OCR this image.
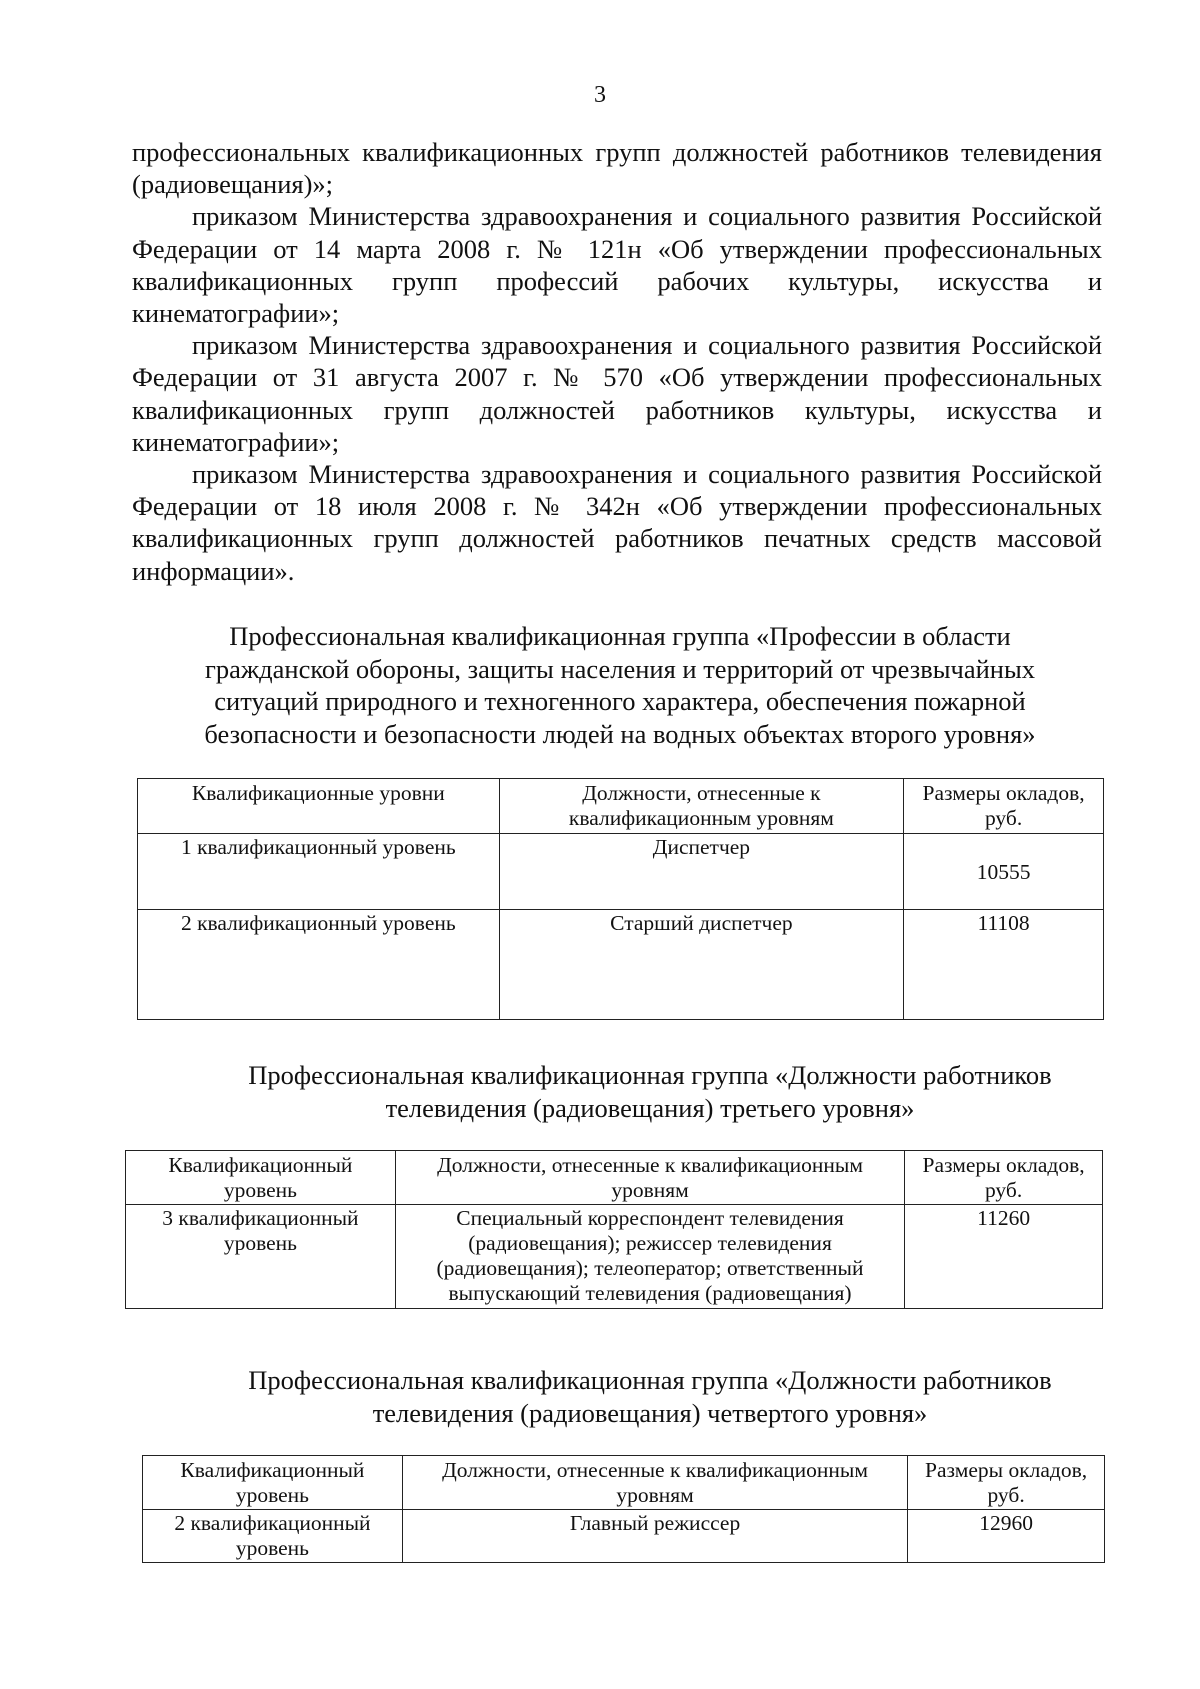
3

профессиональных квалификационных групп должностей работников телевидения (радиовещания)»;

приказом Министерства здравоохранения и социального развития Российской Федерации от 14 марта 2008 г. № 121н «Об утверждении профессиональных квалификационных групп профессий рабочих культуры, искусства и кинематографии»;

приказом Министерства здравоохранения и социального развития Российской Федерации от 31 августа 2007 г. № 570 «Об утверждении профессиональных квалификационных групп должностей работников культуры, искусства и кинематографии»;

приказом Министерства здравоохранения и социального развития Российской Федерации от 18 июля 2008 г. № 342н «Об утверждении профессиональных квалификационных групп должностей работников печатных средств массовой информации».

Профессиональная квалификационная группа «Профессии в области
гражданской обороны, защиты населения и территорий от чрезвычайных
ситуаций природного и техногенного характера, обеспечения пожарной
безопасности и безопасности людей на водных объектах второго уровня»
Квалификационные уровни	Должности, отнесенные к квалификационным уровням	Размеры окладов, руб.
1 квалификационный уровень	Диспетчер	10555
2 квалификационный уровень	Старший диспетчер	11108
Профессиональная квалификационная группа «Должности работников
телевидения (радиовещания) третьего уровня»
Квалификационный уровень	Должности, отнесенные к квалификационным уровням	Размеры окладов, руб.
3 квалификационный уровень	Специальный корреспондент телевидения (радиовещания); режиссер телевидения (радиовещания); телеоператор; ответственный выпускающий телевидения (радиовещания)	11260
Профессиональная квалификационная группа «Должности работников
телевидения (радиовещания) четвертого уровня»
Квалификационный уровень	Должности, отнесенные к квалификационным уровням	Размеры окладов, руб.
2 квалификационный уровень	Главный режиссер	12960
